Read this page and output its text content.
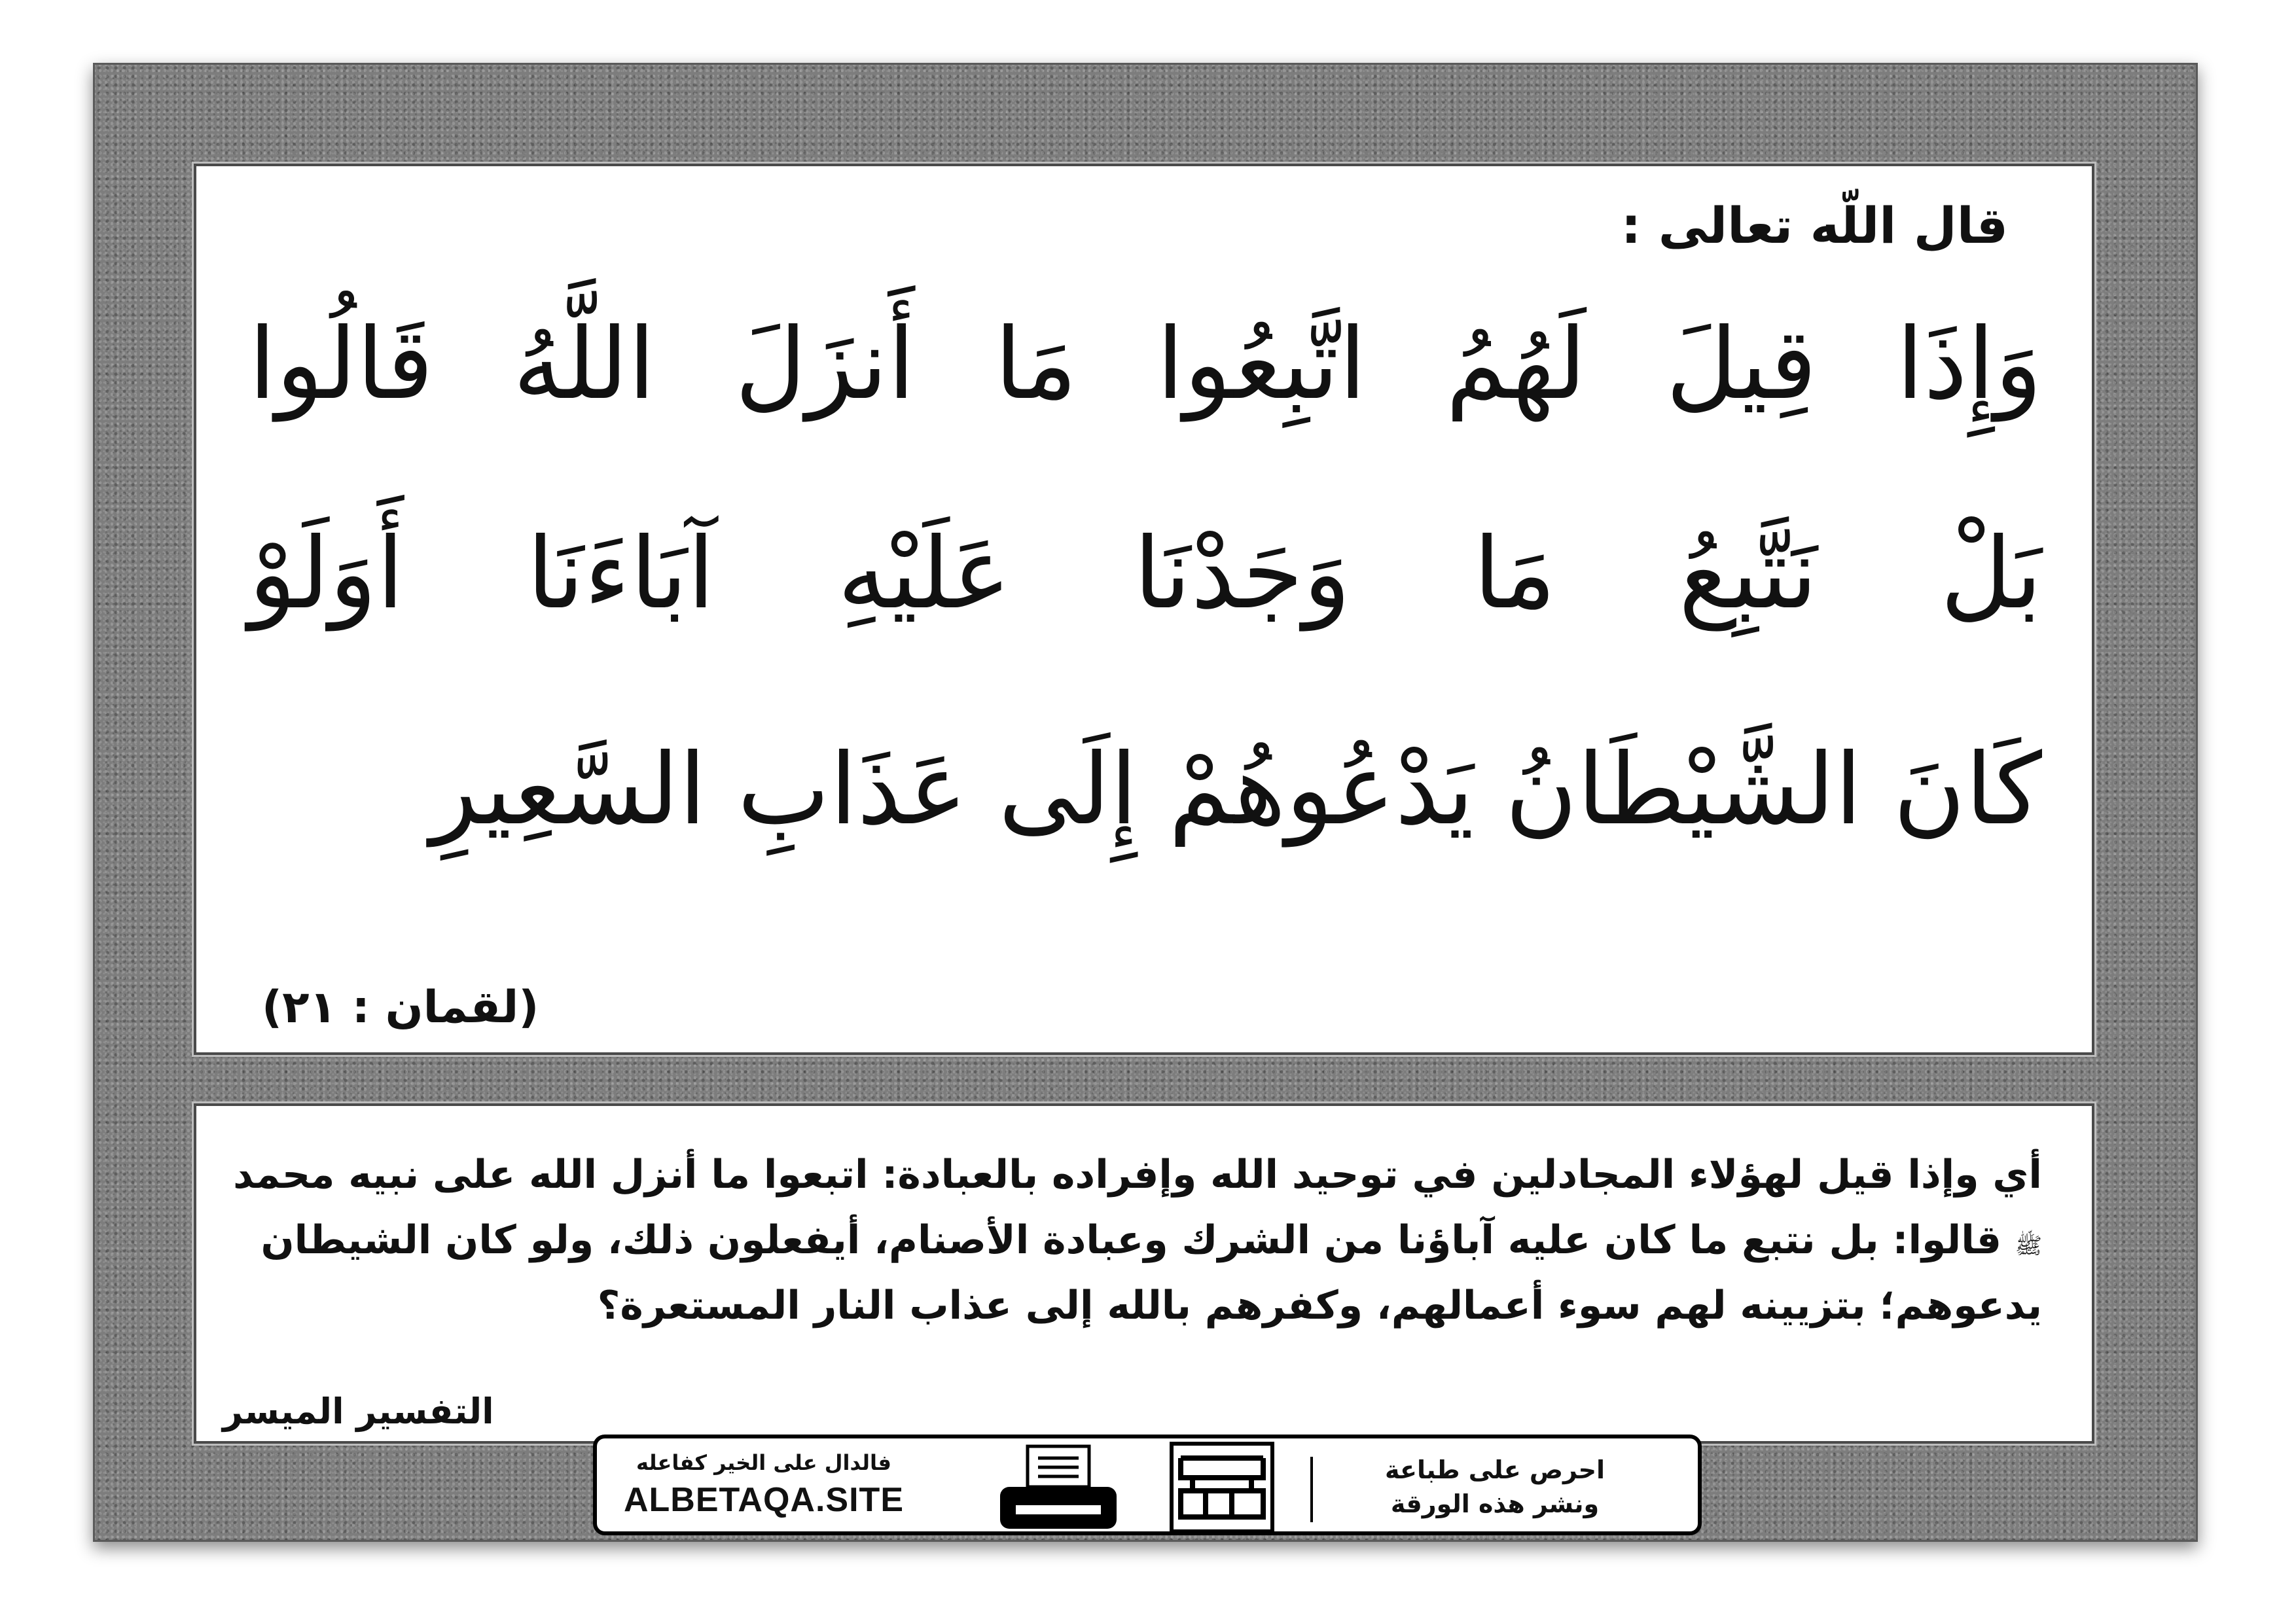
قال اللّه تعالى :
وَإِذَا قِيلَ لَهُمُ اتَّبِعُوا مَا أَنزَلَ اللَّهُ قَالُوا
بَلْ نَتَّبِعُ مَا وَجَدْنَا عَلَيْهِ آبَاءَنَا أَوَلَوْ
كَانَ الشَّيْطَانُ يَدْعُوهُمْ إِلَى عَذَابِ السَّعِيرِ
(لقمان : ٢١)

أي وإذا قيل لهؤلاء المجادلين في توحيد الله وإفراده بالعبادة: اتبعوا ما أنزل الله على نبيه محمد

ﷺ قالوا: بل نتبع ما كان عليه آباؤنا من الشرك وعبادة الأصنام، أيفعلون ذلك، ولو كان الشيطان

يدعوهم؛ بتزيينه لهم سوء أعمالهم، وكفرهم بالله إلى عذاب النار المستعرة؟

التفسير الميسر
فالدال على الخير كفاعله
ALBETAQA.SITE
احرص على طباعة
ونشر هذه الورقة
